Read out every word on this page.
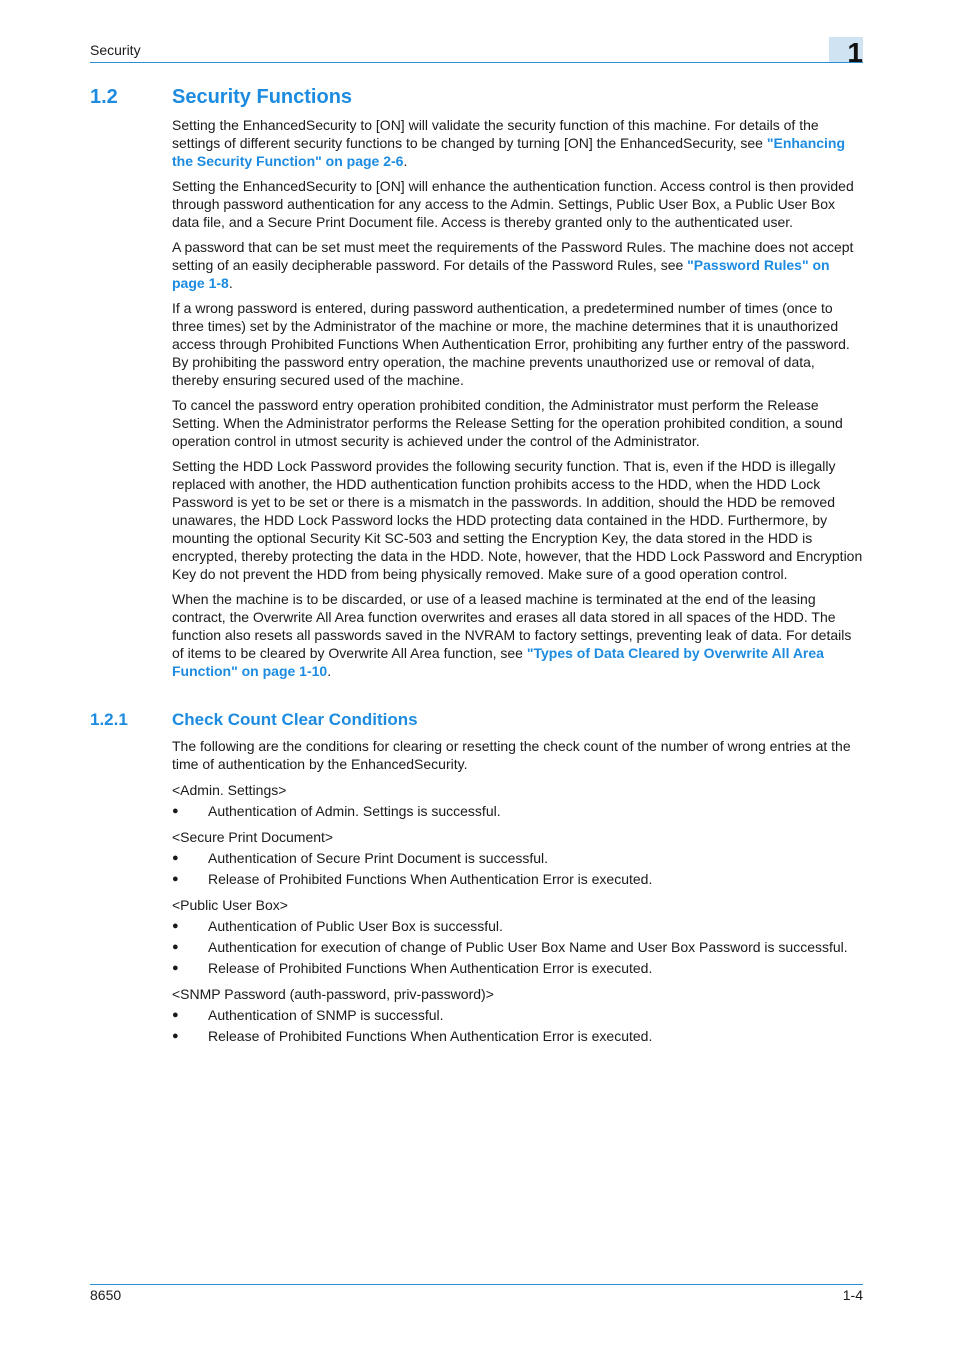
Security	1
1.2	Security Functions

Setting the EnhancedSecurity to [ON] will validate the security function of this machine. For details of the settings of different security functions to be changed by turning [ON] the EnhancedSecurity, see "Enhancing the Security Function" on page 2-6.

Setting the EnhancedSecurity to [ON] will enhance the authentication function. Access control is then provided through password authentication for any access to the Admin. Settings, Public User Box, a Public User Box data file, and a Secure Print Document file. Access is thereby granted only to the authenticated user.

A password that can be set must meet the requirements of the Password Rules. The machine does not accept setting of an easily decipherable password. For details of the Password Rules, see "Password Rules" on page 1-8.

If a wrong password is entered, during password authentication, a predetermined number of times (once to three times) set by the Administrator of the machine or more, the machine determines that it is unauthorized access through Prohibited Functions When Authentication Error, prohibiting any further entry of the password. By prohibiting the password entry operation, the machine prevents unauthorized use or removal of data, thereby ensuring secured used of the machine.

To cancel the password entry operation prohibited condition, the Administrator must perform the Release Setting. When the Administrator performs the Release Setting for the operation prohibited condition, a sound operation control in utmost security is achieved under the control of the Administrator.

Setting the HDD Lock Password provides the following security function. That is, even if the HDD is illegally replaced with another, the HDD authentication function prohibits access to the HDD, when the HDD Lock Password is yet to be set or there is a mismatch in the passwords. In addition, should the HDD be removed unawares, the HDD Lock Password locks the HDD protecting data contained in the HDD. Furthermore, by mounting the optional Security Kit SC-503 and setting the Encryption Key, the data stored in the HDD is encrypted, thereby protecting the data in the HDD. Note, however, that the HDD Lock Password and Encryption Key do not prevent the HDD from being physically removed. Make sure of a good operation control.

When the machine is to be discarded, or use of a leased machine is terminated at the end of the leasing contract, the Overwrite All Area function overwrites and erases all data stored in all spaces of the HDD. The function also resets all passwords saved in the NVRAM to factory settings, preventing leak of data. For details of items to be cleared by Overwrite All Area function, see "Types of Data Cleared by Overwrite All Area Function" on page 1-10.

1.2.1	Check Count Clear Conditions

The following are the conditions for clearing or resetting the check count of the number of wrong entries at the time of authentication by the EnhancedSecurity.

<Admin. Settings>

● Authentication of Admin. Settings is successful.

<Secure Print Document>

● Authentication of Secure Print Document is successful.
● Release of Prohibited Functions When Authentication Error is executed.

<Public User Box>

● Authentication of Public User Box is successful.
● Authentication for execution of change of Public User Box Name and User Box Password is successful.
● Release of Prohibited Functions When Authentication Error is executed.

<SNMP Password (auth-password, priv-password)>

● Authentication of SNMP is successful.
● Release of Prohibited Functions When Authentication Error is executed.
8650	1-4
